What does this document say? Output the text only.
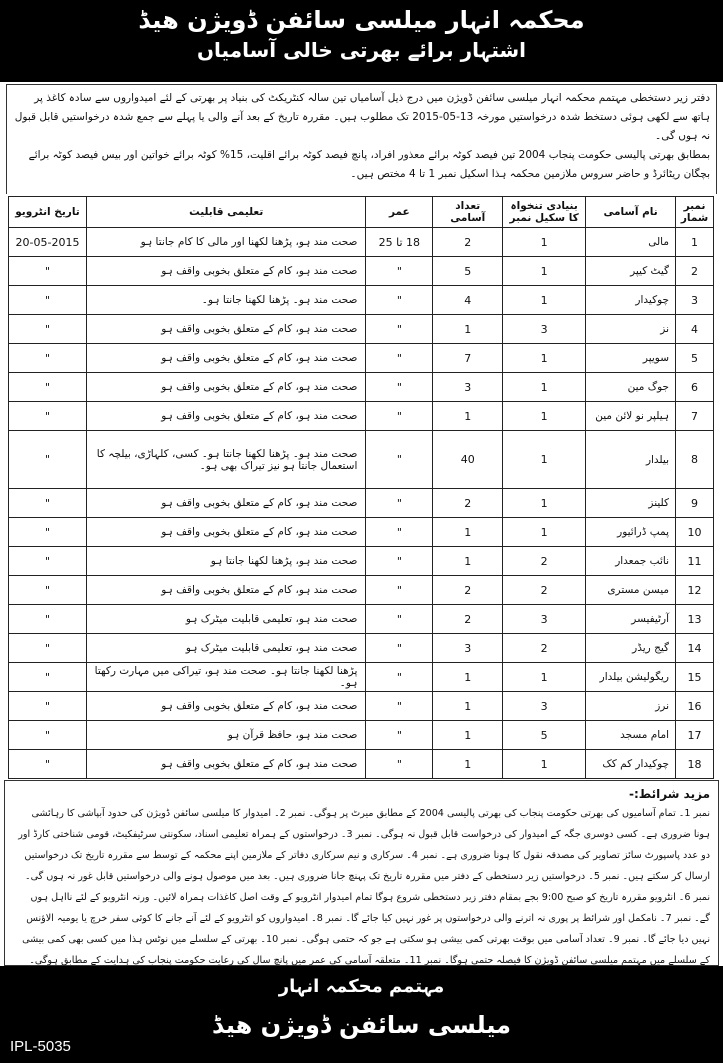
محکمہ انہار میلسی سائفن ڈویژن ھیڈ
اشتہار برائے بھرتی خالی آسامیاں

دفتر زیر دستخطی مہتمم محکمہ انہار میلسی سائفن ڈویژن میں درج ذیل آسامیاں تین سالہ کنٹریکٹ کی بنیاد پر بھرتی کے لئے امیدواروں سے سادہ کاغذ پر ہاتھ سے لکھی ہوئی دستخط شدہ درخواستیں مورخہ 13-05-2015 تک مطلوب ہیں۔ مقررہ تاریخ کے بعد آنے والی یا پہلے سے جمع شدہ درخواستیں قابل قبول نہ ہوں گی۔

بمطابق بھرتی پالیسی حکومت پنجاب 2004 تین فیصد کوٹہ برائے معذور افراد، پانچ فیصد کوٹہ برائے اقلیت، 15% کوٹہ برائے خواتین اور بیس فیصد کوٹہ برائے بچگان ریٹائرڈ و حاضر سروس ملازمین محکمہ ہذا اسکیل نمبر 1 تا 4 مختص ہیں۔

نمبر شمار	نام آسامی	بنیادی تنخواہ کا سکیل نمبر	تعداد آسامی	عمر	تعلیمی قابلیت	تاریخ انٹرویو
1	مالی	1	2	18 تا 25	صحت مند ہو، پڑھنا لکھنا اور مالی کا کام جانتا ہو	20-05-2015
2	گیٹ کیپر	1	5	"	صحت مند ہو، کام کے متعلق بخوبی واقف ہو	"
3	چوکیدار	1	4	"	صحت مند ہو۔ پڑھنا لکھنا جانتا ہو۔	"
4	نز	3	1	"	صحت مند ہو، کام کے متعلق بخوبی واقف ہو	"
5	سویپر	1	7	"	صحت مند ہو، کام کے متعلق بخوبی واقف ہو	"
6	جوگ مین	1	3	"	صحت مند ہو، کام کے متعلق بخوبی واقف ہو	"
7	ہیلپر نو لائن مین	1	1	"	صحت مند ہو، کام کے متعلق بخوبی واقف ہو	"
8	بیلدار	1	40	"	صحت مند ہو۔ پڑھنا لکھنا جانتا ہو۔ کسی، کلہاڑی، بیلچہ کا استعمال جانتا ہو نیز تیراک بھی ہو۔	"
9	کلینز	1	2	"	صحت مند ہو، کام کے متعلق بخوبی واقف ہو	"
10	پمپ ڈرائیور	1	1	"	صحت مند ہو، کام کے متعلق بخوبی واقف ہو	"
11	نائب جمعدار	2	1	"	صحت مند ہو، پڑھنا لکھنا جانتا ہو	"
12	میسن مستری	2	2	"	صحت مند ہو، کام کے متعلق بخوبی واقف ہو	"
13	آرٹیفیسر	3	2	"	صحت مند ہو، تعلیمی قابلیت میٹرک ہو	"
14	گیج ریڈر	2	3	"	صحت مند ہو، تعلیمی قابلیت میٹرک ہو	"
15	ریگولیشن بیلدار	1	1	"	پڑھنا لکھنا جانتا ہو۔ صحت مند ہو، تیراکی میں مہارت رکھتا ہو۔	"
16	نرز	3	1	"	صحت مند ہو، کام کے متعلق بخوبی واقف ہو	"
17	امام مسجد	5	1	"	صحت مند ہو، حافظ قرآن ہو	"
18	چوکیدار کم کک	1	1	"	صحت مند ہو، کام کے متعلق بخوبی واقف ہو	"
مزید شرائط:-

نمبر 1۔ تمام آسامیوں کی بھرتی حکومت پنجاب کی بھرتی پالیسی 2004 کے مطابق میرٹ پر ہوگی۔ نمبر 2۔ امیدوار کا میلسی سائفن ڈویژن کی حدود آبپاشی کا رہائشی ہونا ضروری ہے۔ کسی دوسری جگہ کے امیدوار کی درخواست قابل قبول نہ ہوگی۔ نمبر 3۔ درخواستوں کے ہمراہ تعلیمی اسناد، سکونتی سرٹیفکیٹ، قومی شناختی کارڈ اور دو عدد پاسپورٹ سائز تصاویر کی مصدقہ نقول کا ہونا ضروری ہے۔ نمبر 4۔ سرکاری و نیم سرکاری دفاتر کے ملازمین اپنے محکمہ کے توسط سے مقررہ تاریخ تک درخواستیں ارسال کر سکتے ہیں۔ نمبر 5۔ درخواستیں زیر دستخطی کے دفتر میں مقررہ تاریخ تک پہنچ جانا ضروری ہیں۔ بعد میں موصول ہونے والی درخواستیں قابل غور نہ ہوں گی۔ نمبر 6۔ انٹرویو مقررہ تاریخ کو صبح 9:00 بجے بمقام دفتر زیر دستخطی شروع ہوگا تمام امیدوار انٹرویو کے وقت اصل کاغذات ہمراہ لائیں۔ ورنہ انٹرویو کے لئے نااہل ہوں گے۔ نمبر 7۔ نامکمل اور شرائط پر پوری نہ اترنے والی درخواستوں پر غور نہیں کیا جائے گا۔ نمبر 8۔ امیدواروں کو انٹرویو کے لئے آنے جانے کا کوئی سفر خرچ یا یومیہ الاؤنس نہیں دیا جائے گا۔ نمبر 9۔ تعداد آسامی میں بوقت بھرتی کمی بیشی ہو سکتی ہے جو کہ حتمی ہوگی۔ نمبر 10۔ بھرتی کے سلسلے میں نوٹس ہذا میں کسی بھی کمی بیشی کے سلسلے میں مہتمم میلسی سائفن ڈویژن کا فیصلہ حتمی ہوگا۔ نمبر 11۔ متعلقہ آسامی کی عمر میں پانچ سال کی رعایت حکومت پنجاب کی ہدایت کے مطابق ہوگی۔

مہتمم محکمہ انہار
میلسی سائفن ڈویژن ھیڈ
IPL-5035
